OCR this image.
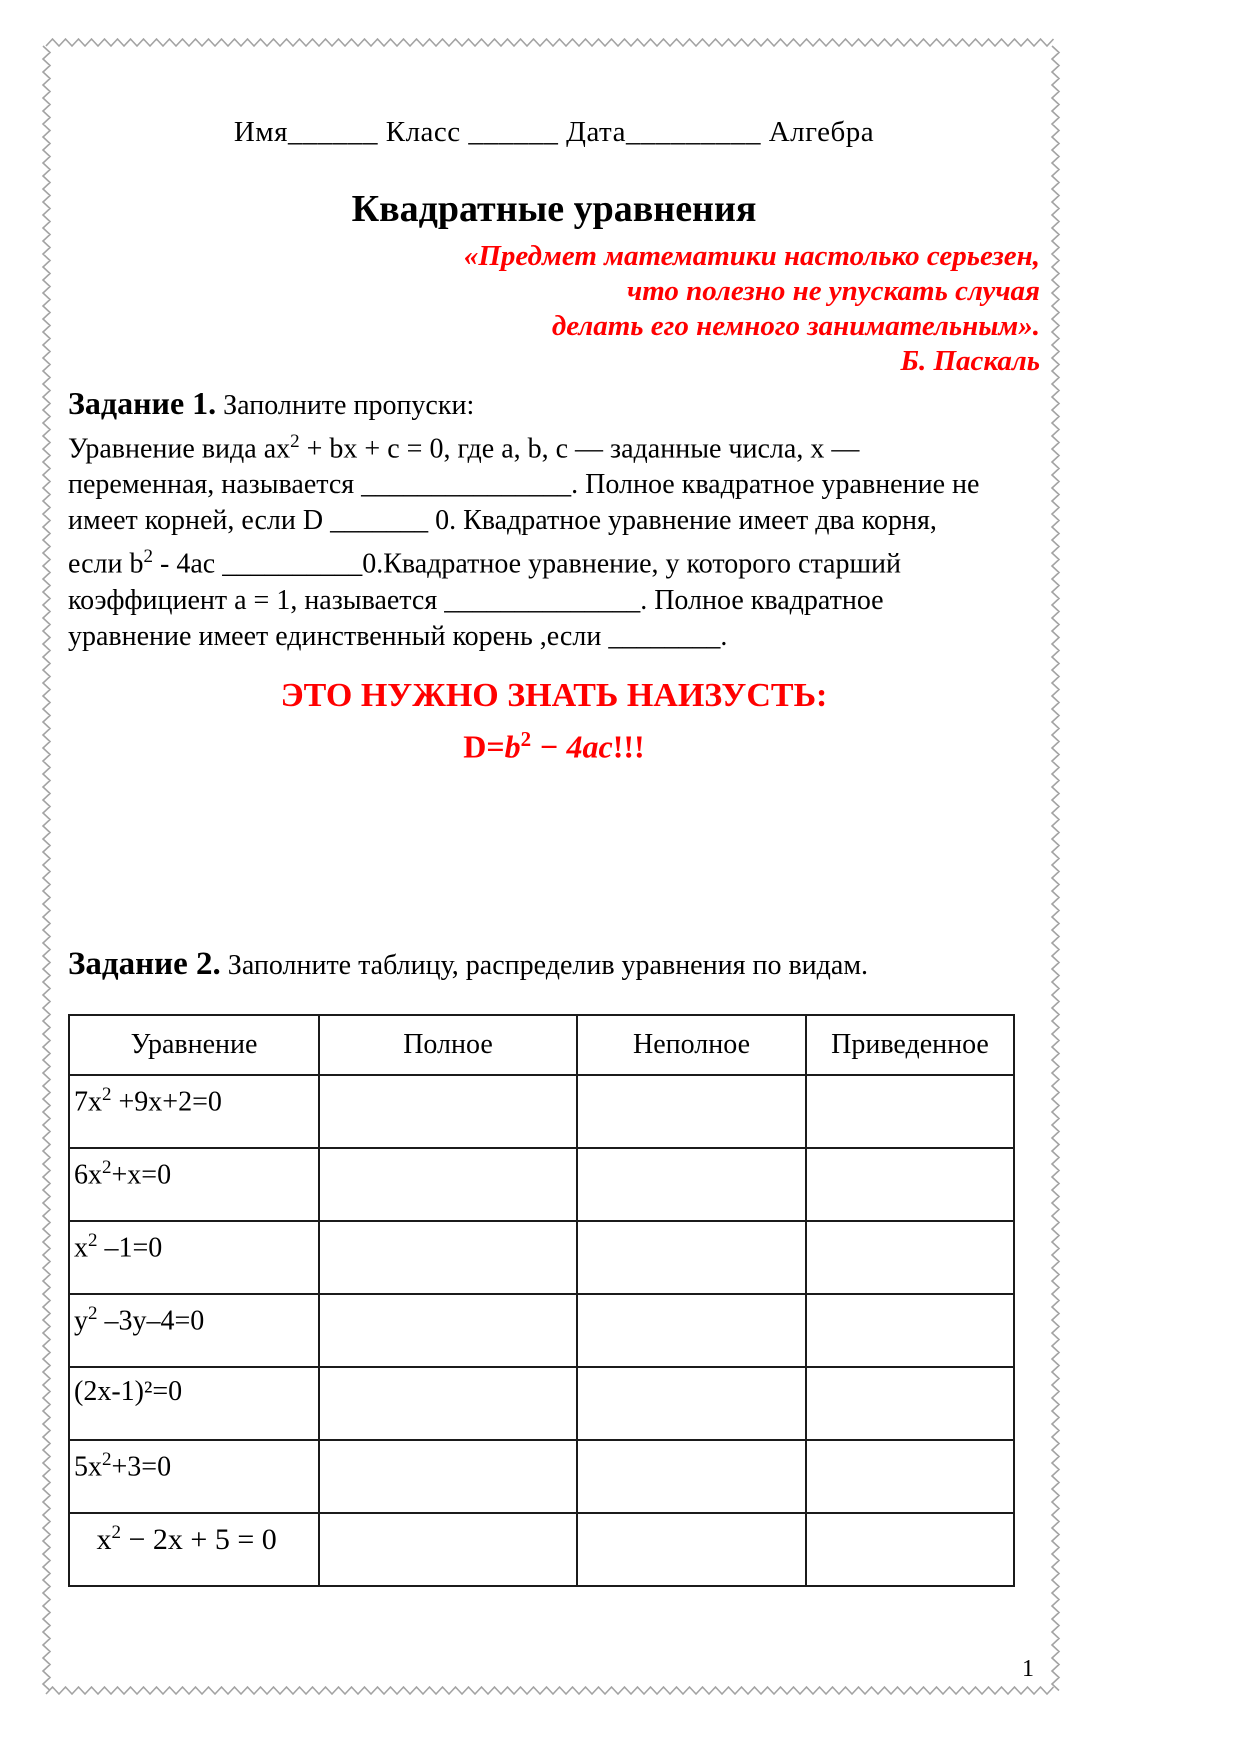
Имя______ Класс ______ Дата_________ Алгебра
Квадратные уравнения
«Предмет математики настолько серьезен,
что полезно не упускать случая
делать его немного занимательным».
Б. Паскаль
Задание 1. Заполните пропуски:
Уравнение вида $ax^2$ + bx + c = 0, где a, b, c — заданные числа, x —
переменная, называется _______________. Полное квадратное уравнение не
имеет корней, если D _______ 0. Квадратное уравнение имеет два корня,
если $b^2 - 4ac$ __________0.Квадратное уравнение, у которого старший
коэффициент a = 1, называется ______________. Полное квадратное
уравнение имеет единственный корень ,если ________.
ЭТО НУЖНО ЗНАТЬ НАИЗУСТЬ:
$D=b^2 - 4ac$!!!
Задание 2. Заполните таблицу, распределив уравнения по видам.
Уравнение	Полное	Неполное	Приведенное
$7x^2 +9x+2=0$			
$6x^2+x=0$			
$x^2$ –1=0			
$y^2$ –3y–4=0			
(2x-1)²=0			
$5x^2+3=0$			
$x^2 - 2x + 5 = 0$			
1
